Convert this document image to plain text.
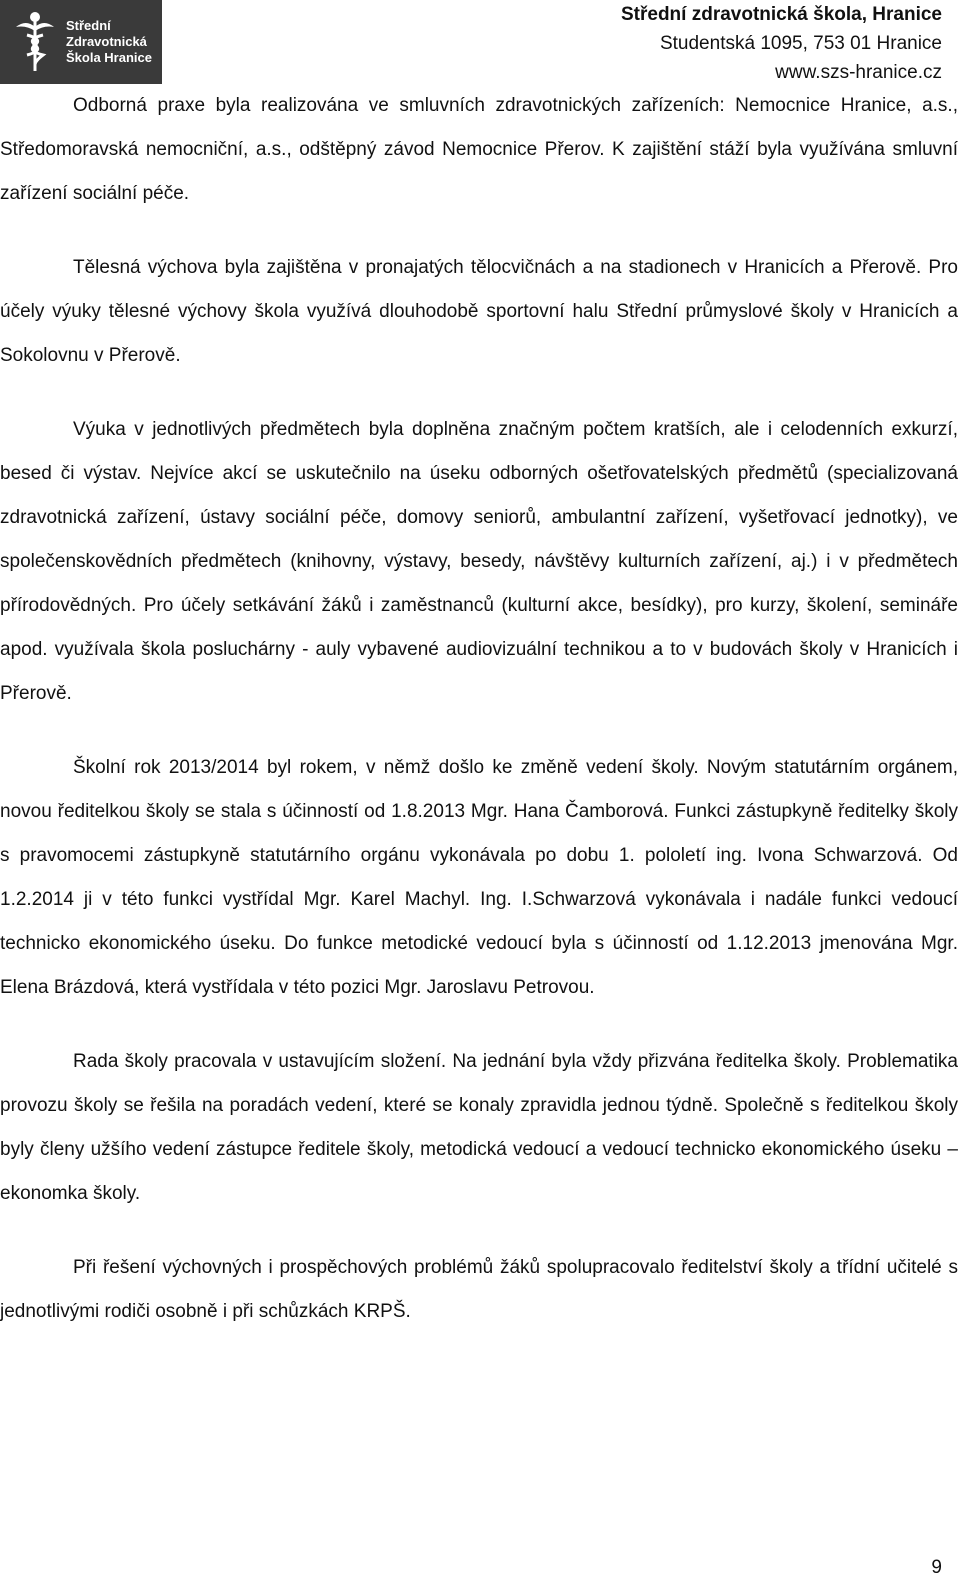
Střední
Zdravotnická
Škola Hranice
Střední zdravotnická škola, Hranice
Studentská 1095, 753 01 Hranice
www.szs-hranice.cz

Odborná praxe byla realizována ve smluvních zdravotnických zařízeních: Nemocnice Hranice, a.s., Středomoravská nemocniční, a.s., odštěpný závod Nemocnice Přerov. K zajištění stáží byla využívána smluvní zařízení sociální péče.

Tělesná výchova byla zajištěna v pronajatých tělocvičnách a na stadionech v Hranicích a Přerově. Pro účely výuky tělesné výchovy škola využívá dlouhodobě sportovní halu Střední průmyslové školy v Hranicích a Sokolovnu v Přerově.

Výuka v jednotlivých předmětech byla doplněna značným počtem kratších, ale i celodenních exkurzí, besed či výstav. Nejvíce akcí se uskutečnilo na úseku odborných ošetřovatelských předmětů (specializovaná zdravotnická zařízení, ústavy sociální péče, domovy seniorů, ambulantní zařízení, vyšetřovací jednotky), ve společenskovědních předmětech (knihovny, výstavy, besedy, návštěvy kulturních zařízení, aj.) i v předmětech přírodovědných. Pro účely setkávání žáků i zaměstnanců (kulturní akce, besídky), pro kurzy, školení, semináře apod. využívala škola posluchárny - auly vybavené audiovizuální technikou a to v budovách školy v Hranicích i Přerově.

Školní rok 2013/2014 byl rokem, v němž došlo ke změně vedení školy. Novým statutárním orgánem, novou ředitelkou školy se stala s účinností od 1.8.2013 Mgr. Hana Čamborová. Funkci zástupkyně ředitelky školy s pravomocemi zástupkyně statutárního orgánu vykonávala po dobu 1. pololetí ing. Ivona Schwarzová. Od 1.2.2014 ji v této funkci vystřídal Mgr. Karel Machyl. Ing. I.Schwarzová vykonávala i nadále funkci vedoucí technicko ekonomického úseku. Do funkce metodické vedoucí byla s účinností od 1.12.2013 jmenována Mgr. Elena Brázdová, která vystřídala v této pozici Mgr. Jaroslavu Petrovou.

Rada školy pracovala v ustavujícím složení. Na jednání byla vždy přizvána ředitelka školy. Problematika provozu školy se řešila na poradách vedení, které se konaly zpravidla jednou týdně. Společně s ředitelkou školy byly členy užšího vedení zástupce ředitele školy, metodická vedoucí a vedoucí technicko ekonomického úseku – ekonomka školy.

Při řešení výchovných i prospěchových problémů žáků spolupracovalo ředitelství školy a třídní učitelé s jednotlivými rodiči osobně i při schůzkách KRPŠ.

9
